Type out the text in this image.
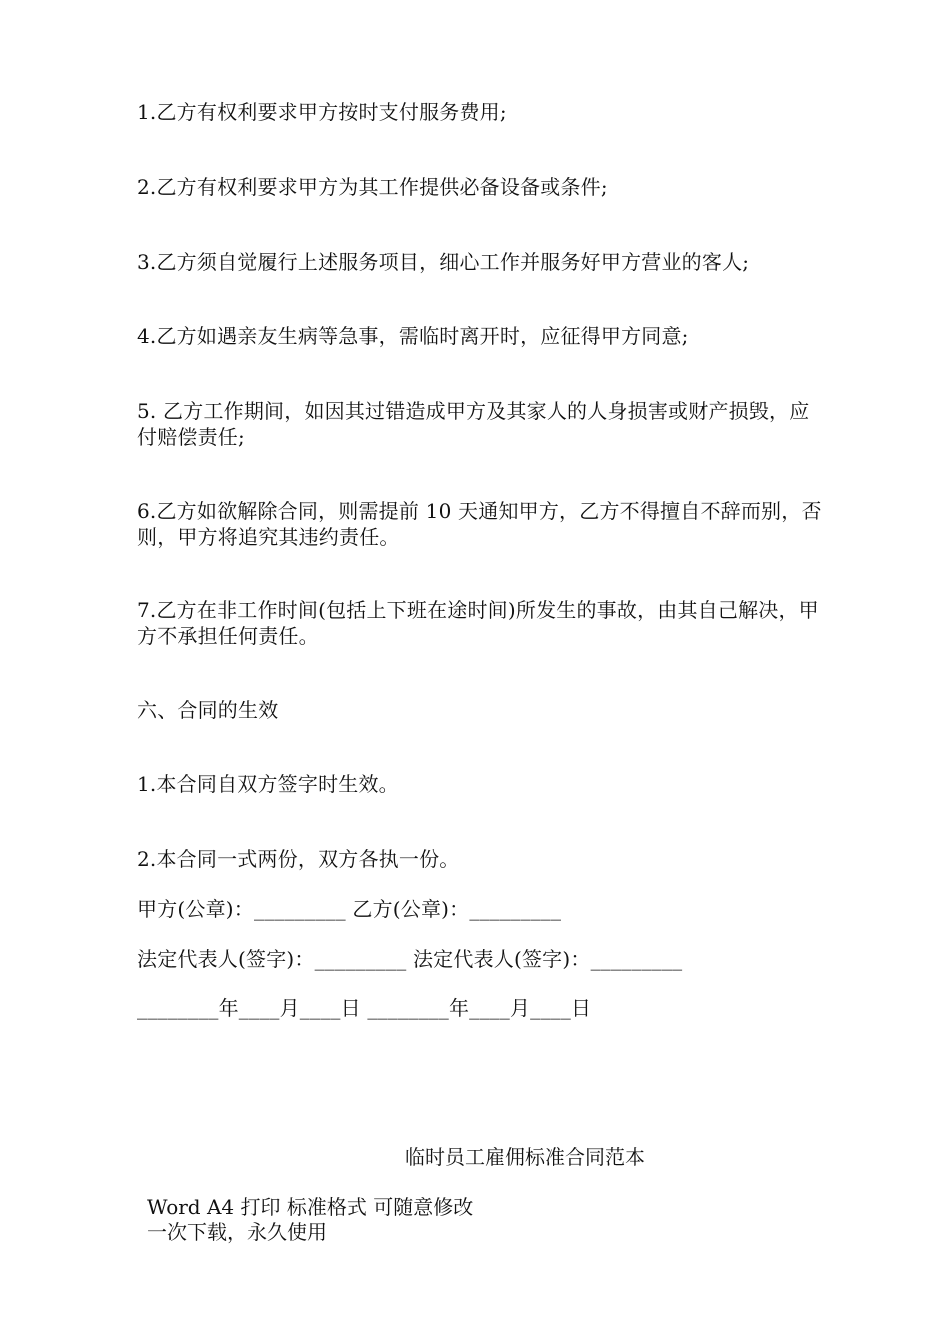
1.乙方有权利要求甲方按时支付服务费用;
2.乙方有权利要求甲方为其工作提供必备设备或条件;
3.乙方须自觉履行上述服务项目，细心工作并服务好甲方营业的客人;
4.乙方如遇亲友生病等急事，需临时离开时，应征得甲方同意;
5. 乙方工作期间，如因其过错造成甲方及其家人的人身损害或财产损毁，应付赔偿责任;
6.乙方如欲解除合同，则需提前 10 天通知甲方，乙方不得擅自不辞而别，否则，甲方将追究其违约责任。
7.乙方在非工作时间(包括上下班在途时间)所发生的事故，由其自己解决，甲方不承担任何责任。
六、合同的生效
1.本合同自双方签字时生效。
2.本合同一式两份，双方各执一份。
甲方(公章)：_________ 乙方(公章)：_________
法定代表人(签字)：_________ 法定代表人(签字)：_________
________年____月____日 ________年____月____日
临时员工雇佣标准合同范本
Word A4 打印 标准格式 可随意修改
一次下载，永久使用
